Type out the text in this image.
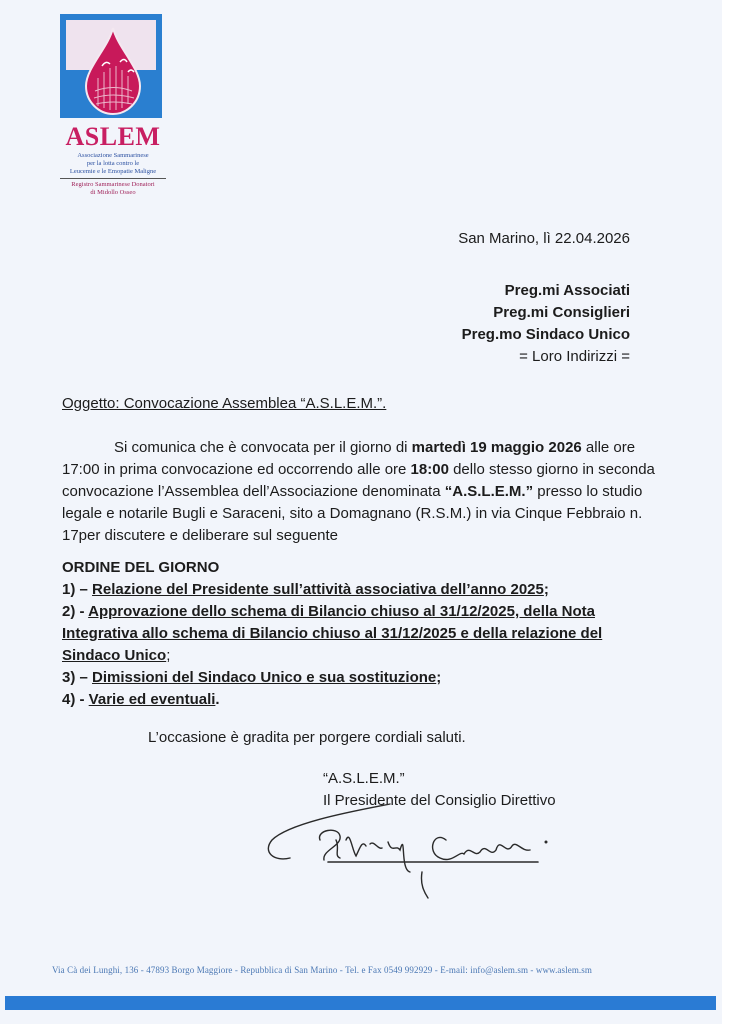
ASLEM
Associazione Sammarinese
per la lotta contro le
Leucemie e le Emopatie Maligne
Registro Sammarinese Donatori
di Midollo Osseo
San Marino, lì 22.04.2026
Preg.mi Associati
Preg.mi Consiglieri
Preg.mo Sindaco Unico
= Loro Indirizzi =
Oggetto: Convocazione Assemblea “A.S.L.E.M.”.
Si comunica che è convocata per il giorno di martedì 19 maggio 2026 alle ore 17:00 in prima convocazione ed occorrendo alle ore 18:00 dello stesso giorno in seconda convocazione l’Assemblea dell’Associazione denominata “A.S.L.E.M.” presso lo studio legale e notarile Bugli e Saraceni, sito a Domagnano (R.S.M.) in via Cinque Febbraio n. 17per discutere e deliberare sul seguente
ORDINE DEL GIORNO
1) – Relazione del Presidente sull’attività associativa dell’anno 2025;
2) - Approvazione dello schema di Bilancio chiuso al 31/12/2025, della Nota Integrativa allo schema di Bilancio chiuso al 31/12/2025 e della relazione del Sindaco Unico;
3) – Dimissioni del Sindaco Unico e sua sostituzione;
4) - Varie ed eventuali.
L’occasione è gradita per porgere cordiali saluti.
“A.S.L.E.M.”
Il Presidente del Consiglio Direttivo
Via Cà dei Lunghi, 136 - 47893 Borgo Maggiore - Repubblica di San Marino - Tel. e Fax 0549 992929 - E-mail: info@aslem.sm - www.aslem.sm
